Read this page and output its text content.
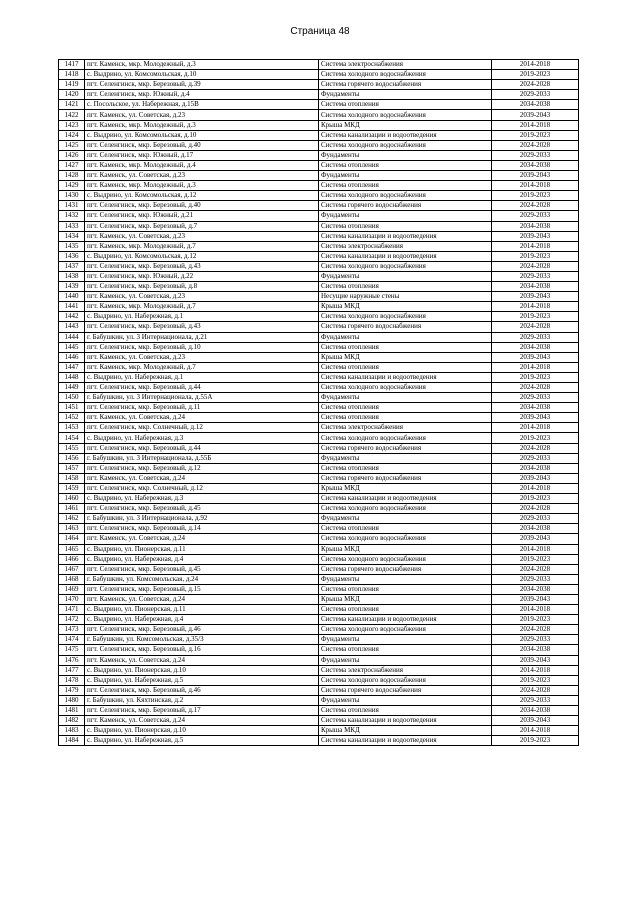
Страница 48
1417	пгт. Каменск, мкр. Молодежный, д.3	Система электроснабжения	2014-2018
1418	с. Выдрино, ул. Комсомольская, д.10	Система холодного водоснабжения	2019-2023
1419	пгт. Селенгинск, мкр. Березовый, д.39	Система горячего водоснабжения	2024-2028
1420	пгт. Селенгинск, мкр. Южный, д.4	Фундаменты	2029-2033
1421	с. Посольское, ул. Набережная, д.15В	Система отопления	2034-2038
1422	пгт. Каменск, ул. Советская, д.23	Система холодного водоснабжения	2039-2043
1423	пгт. Каменск, мкр. Молодежный, д.3	Крыша МКД	2014-2018
1424	с. Выдрино, ул. Комсомольская, д.10	Система канализации и водоотведения	2019-2023
1425	пгт. Селенгинск, мкр. Березовый, д.40	Система холодного водоснабжения	2024-2028
1426	пгт. Селенгинск, мкр. Южный, д.17	Фундаменты	2029-2033
1427	пгт. Каменск, мкр. Молодежный, д.4	Система отопления	2034-2038
1428	пгт. Каменск, ул. Советская, д.23	Фундаменты	2039-2043
1429	пгт. Каменск, мкр. Молодежный, д.3	Система отопления	2014-2018
1430	с. Выдрино, ул. Комсомольская, д.12	Система холодного водоснабжения	2019-2023
1431	пгт. Селенгинск, мкр. Березовый, д.40	Система горячего водоснабжения	2024-2028
1432	пгт. Селенгинск, мкр. Южный, д.21	Фундаменты	2029-2033
1433	пгт. Селенгинск, мкр. Березовый, д.7	Система отопления	2034-2038
1434	пгт. Каменск, ул. Советская, д.23	Система канализации и водоотведения	2039-2043
1435	пгт. Каменск, мкр. Молодежный, д.7	Система электроснабжения	2014-2018
1436	с. Выдрино, ул. Комсомольская, д.12	Система канализации и водоотведения	2019-2023
1437	пгт. Селенгинск, мкр. Березовый, д.43	Система холодного водоснабжения	2024-2028
1438	пгт. Селенгинск, мкр. Южный, д.22	Фундаменты	2029-2033
1439	пгт. Селенгинск, мкр. Березовый, д.8	Система отопления	2034-2038
1440	пгт. Каменск, ул. Советская, д.23	Несущие наружные стены	2039-2043
1441	пгт. Каменск, мкр. Молодежный, д.7	Крыша МКД	2014-2018
1442	с. Выдрино, ул. Набережная, д.1	Система холодного водоснабжения	2019-2023
1443	пгт. Селенгинск, мкр. Березовый, д.43	Система горячего водоснабжения	2024-2028
1444	г. Бабушкин, ул. 3 Интернационала, д.21	Фундаменты	2029-2033
1445	пгт. Селенгинск, мкр. Березовый, д.10	Система отопления	2034-2038
1446	пгт. Каменск, ул. Советская, д.23	Крыша МКД	2039-2043
1447	пгт. Каменск, мкр. Молодежный, д.7	Система отопления	2014-2018
1448	с. Выдрино, ул. Набережная, д.1	Система канализации и водоотведения	2019-2023
1449	пгт. Селенгинск, мкр. Березовый, д.44	Система холодного водоснабжения	2024-2028
1450	г. Бабушкин, ул. 3 Интернационала, д.55А	Фундаменты	2029-2033
1451	пгт. Селенгинск, мкр. Березовый, д.11	Система отопления	2034-2038
1452	пгт. Каменск, ул. Советская, д.24	Система отопления	2039-2043
1453	пгт. Селенгинск, мкр. Солнечный, д.12	Система электроснабжения	2014-2018
1454	с. Выдрино, ул. Набережная, д.3	Система холодного водоснабжения	2019-2023
1455	пгт. Селенгинск, мкр. Березовый, д.44	Система горячего водоснабжения	2024-2028
1456	г. Бабушкин, ул. 3 Интернационала, д.55Б	Фундаменты	2029-2033
1457	пгт. Селенгинск, мкр. Березовый, д.12	Система отопления	2034-2038
1458	пгт. Каменск, ул. Советская, д.24	Система горячего водоснабжения	2039-2043
1459	пгт. Селенгинск, мкр. Солнечный, д.12	Крыша МКД	2014-2018
1460	с. Выдрино, ул. Набережная, д.3	Система канализации и водоотведения	2019-2023
1461	пгт. Селенгинск, мкр. Березовый, д.45	Система холодного водоснабжения	2024-2028
1462	г. Бабушкин, ул. 3 Интернационала, д.92	Фундаменты	2029-2033
1463	пгт. Селенгинск, мкр. Березовый, д.14	Система отопления	2034-2038
1464	пгт. Каменск, ул. Советская, д.24	Система холодного водоснабжения	2039-2043
1465	с. Выдрино, ул. Пионерская, д.11	Крыша МКД	2014-2018
1466	с. Выдрино, ул. Набережная, д.4	Система холодного водоснабжения	2019-2023
1467	пгт. Селенгинск, мкр. Березовый, д.45	Система горячего водоснабжения	2024-2028
1468	г. Бабушкин, ул. Комсомольская, д.24	Фундаменты	2029-2033
1469	пгт. Селенгинск, мкр. Березовый, д.15	Система отопления	2034-2038
1470	пгт. Каменск, ул. Советская, д.24	Крыша МКД	2039-2043
1471	с. Выдрино, ул. Пионерская, д.11	Система отопления	2014-2018
1472	с. Выдрино, ул. Набережная, д.4	Система канализации и водоотведения	2019-2023
1473	пгт. Селенгинск, мкр. Березовый, д.46	Система холодного водоснабжения	2024-2028
1474	г. Бабушкин, ул. Комсомольская, д.35/3	Фундаменты	2029-2033
1475	пгт. Селенгинск, мкр. Березовый, д.16	Система отопления	2034-2038
1476	пгт. Каменск, ул. Советская, д.24	Фундаменты	2039-2043
1477	с. Выдрино, ул. Пионерская, д.10	Система электроснабжения	2014-2018
1478	с. Выдрино, ул. Набережная, д.5	Система холодного водоснабжения	2019-2023
1479	пгт. Селенгинск, мкр. Березовый, д.46	Система горячего водоснабжения	2024-2028
1480	г. Бабушкин, ул. Кяхтинская, д.2	Фундаменты	2029-2033
1481	пгт. Селенгинск, мкр. Березовый, д.17	Система отопления	2034-2038
1482	пгт. Каменск, ул. Советская, д.24	Система канализации и водоотведения	2039-2043
1483	с. Выдрино, ул. Пионерская, д.10	Крыша МКД	2014-2018
1484	с. Выдрино, ул. Набережная, д.5	Система канализации и водоотведения	2019-2023
